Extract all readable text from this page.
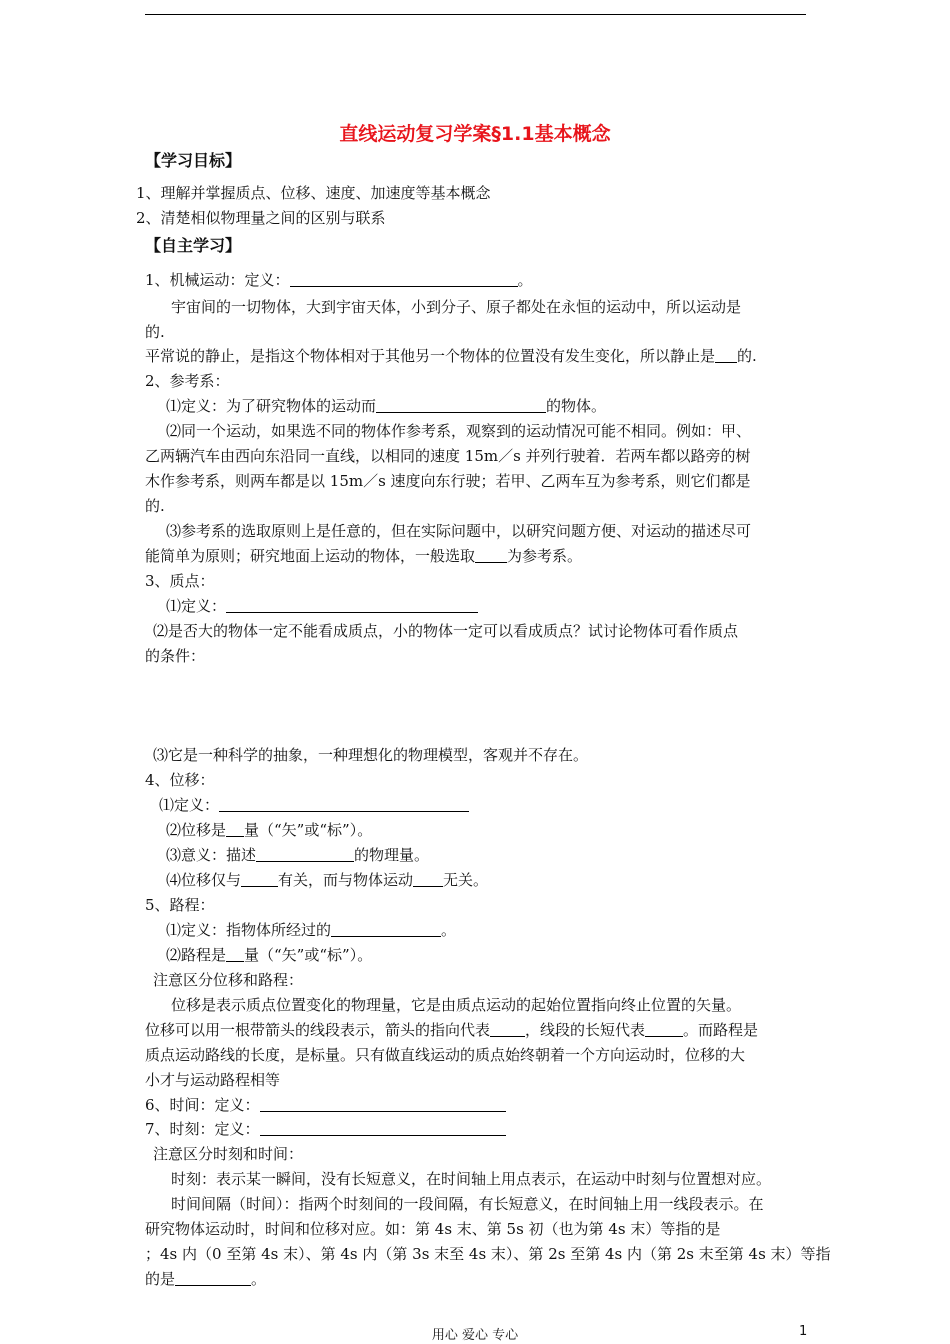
直线运动复习学案§1.1基本概念
【学习目标】
1、理解并掌握质点、位移、速度、加速度等基本概念
2、清楚相似物理量之间的区别与联系
【自主学习】
1、机械运动：定义：	。
宇宙间的一切物体，大到宇宙天体，小到分子、原子都处在永恒的运动中，所以运动是
的.
平常说的静止，是指这个物体相对于其他另一个物体的位置没有发生变化，所以静止是 的.
2、参考系：
⑴定义：为了研究物体的运动而	的物体。
⑵同一个运动，如果选不同的物体作参考系，观察到的运动情况可能不相同。例如：甲、
乙两辆汽车由西向东沿同一直线，以相同的速度 15m／s 并列行驶着．若两车都以路旁的树
木作参考系，则两车都是以 15m／s 速度向东行驶；若甲、乙两车互为参考系，则它们都是
的.
⑶参考系的选取原则上是任意的，但在实际问题中，以研究问题方便、对运动的描述尽可
能简单为原则；研究地面上运动的物体，一般选取 为参考系。
3、质点：
⑴定义：
⑵是否大的物体一定不能看成质点，小的物体一定可以看成质点？试讨论物体可看作质点
的条件：
⑶它是一种科学的抽象，一种理想化的物理模型，客观并不存在。
4、位移：
⑴定义：
⑵位移是 量（“矢”或“标”）。
⑶意义：描述	的物理量。
⑷位移仅与 有关，而与物体运动 无关。
5、路程：
⑴定义：指物体所经过的	。
⑵路程是 量（“矢”或“标”）。
注意区分位移和路程：
位移是表示质点位置变化的物理量，它是由质点运动的起始位置指向终止位置的矢量。
位移可以用一根带箭头的线段表示，箭头的指向代表 ，线段的长短代表	。而路程是
质点运动路线的长度，是标量。只有做直线运动的质点始终朝着一个方向运动时，位移的大
小才与运动路程相等
6、时间：定义：
7、时刻：定义：
注意区分时刻和时间：
时刻：表示某一瞬间，没有长短意义，在时间轴上用点表示，在运动中时刻与位置想对应。
时间间隔（时间）：指两个时刻间的一段间隔，有长短意义，在时间轴上用一线段表示。在
研究物体运动时，时间和位移对应。如：第 4s 末、第 5s 初（也为第 4s 末）等指的是
；4s 内（0 至第 4s 末）、第 4s 内（第 3s 末至 4s 末）、第 2s 至第 4s 内（第 2s 末至第 4s 末）等指
的是	。
用心 爱心 专心	1
